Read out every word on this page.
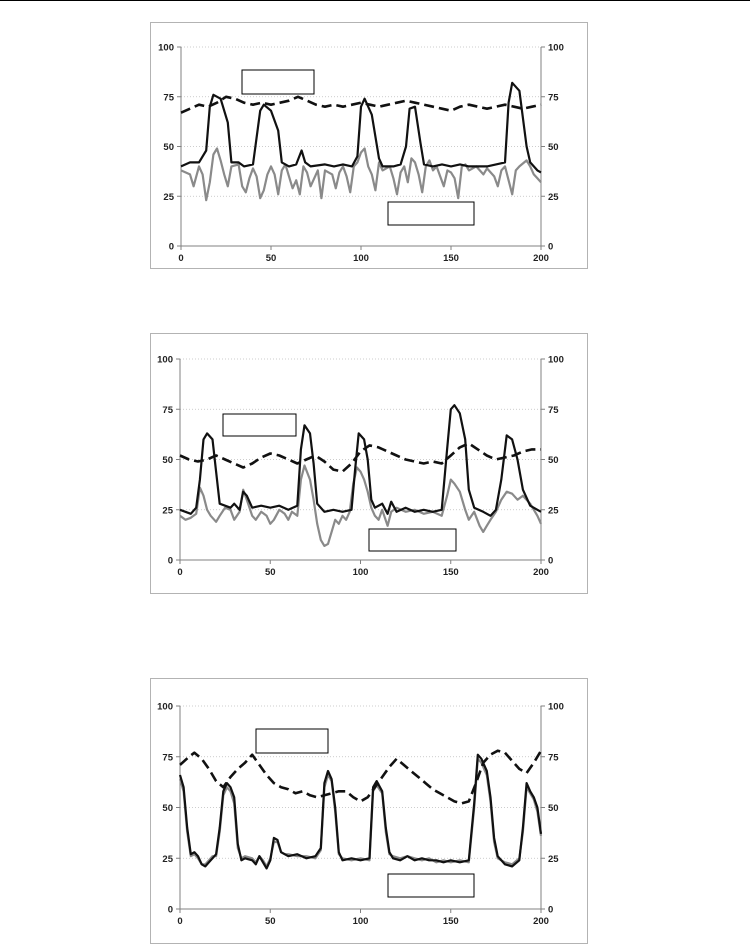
0
25
50
75
100
0
25
50
75
100
0	50	100	150	200
0
25
50
75
100
0
25
50
75
100
0	50	100	150	200
0
25
50
75
100
0
25
50
75
100
0	50	100	150	200
